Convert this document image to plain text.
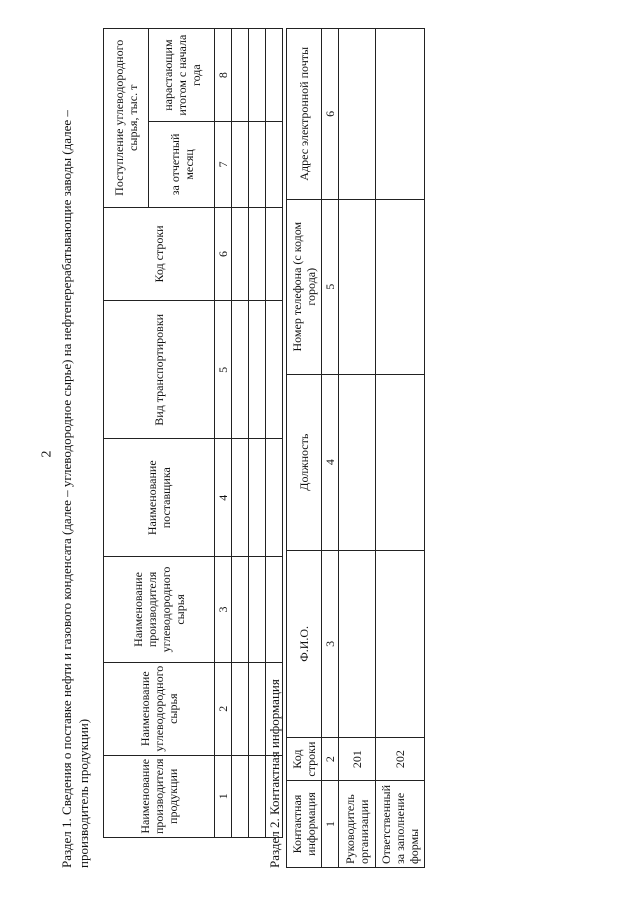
2 Раздел 1. Сведения о поставке нефти и газового конденсата (далее – углеводородное сырье) на нефтеперерабатывающие заводы (далее – производитель продукции)	Наименование производителя продукции	Наименование углеводородного сырья	Наименование производителя углеводородного сырья	Наименование поставщика	Вид транспортировки	Код строки	Поступление углеводородного сырья, тыс. т	
						за отчетный месяц	нарастающим итогом с начала года
1	2	3	4	5	6	7	8

Раздел 2. Контактная информация Контактная информация	Код строки	Ф.И.О.	Должность	Номер телефона (с кодом города)	Адрес электронной почты
1	2	3	4	5	6
Руководитель организации	201				
Ответственный за заполнение формы	202				
